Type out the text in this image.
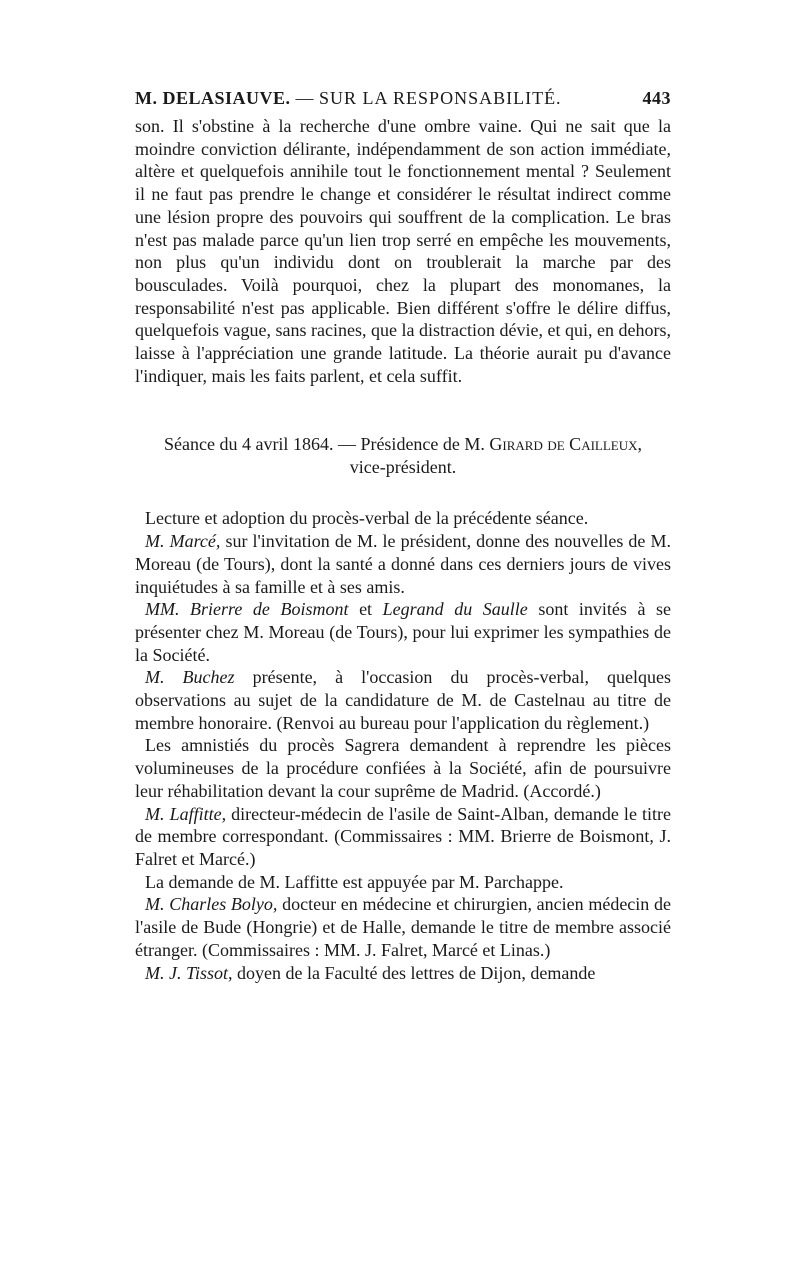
M. DELASIAUVE. — SUR LA RESPONSABILITÉ.	443

son. Il s'obstine à la recherche d'une ombre vaine. Qui ne sait que la moindre conviction délirante, indépendamment de son action immédiate, altère et quelquefois annihile tout le fonctionnement mental ? Seulement il ne faut pas prendre le change et considérer le résultat indirect comme une lésion propre des pouvoirs qui souffrent de la complication. Le bras n'est pas malade parce qu'un lien trop serré en empêche les mouvements, non plus qu'un individu dont on troublerait la marche par des bousculades. Voilà pourquoi, chez la plupart des monomanes, la responsabilité n'est pas applicable. Bien différent s'offre le délire diffus, quelquefois vague, sans racines, que la distraction dévie, et qui, en dehors, laisse à l'appréciation une grande latitude. La théorie aurait pu d'avance l'indiquer, mais les faits parlent, et cela suffit.

Séance du 4 avril 1864. — Présidence de M. Girard de Cailleux,
vice-président.

Lecture et adoption du procès-verbal de la précédente séance.

M. Marcé, sur l'invitation de M. le président, donne des nouvelles de M. Moreau (de Tours), dont la santé a donné dans ces derniers jours de vives inquiétudes à sa famille et à ses amis.

MM. Brierre de Boismont et Legrand du Saulle sont invités à se présenter chez M. Moreau (de Tours), pour lui exprimer les sympathies de la Société.

M. Buchez présente, à l'occasion du procès-verbal, quelques observations au sujet de la candidature de M. de Castelnau au titre de membre honoraire. (Renvoi au bureau pour l'application du règlement.)

Les amnistiés du procès Sagrera demandent à reprendre les pièces volumineuses de la procédure confiées à la Société, afin de poursuivre leur réhabilitation devant la cour suprême de Madrid. (Accordé.)

M. Laffitte, directeur-médecin de l'asile de Saint-Alban, demande le titre de membre correspondant. (Commissaires : MM. Brierre de Boismont, J. Falret et Marcé.)

La demande de M. Laffitte est appuyée par M. Parchappe.

M. Charles Bolyo, docteur en médecine et chirurgien, ancien médecin de l'asile de Bude (Hongrie) et de Halle, demande le titre de membre associé étranger. (Commissaires : MM. J. Falret, Marcé et Linas.)

M. J. Tissot, doyen de la Faculté des lettres de Dijon, demande
